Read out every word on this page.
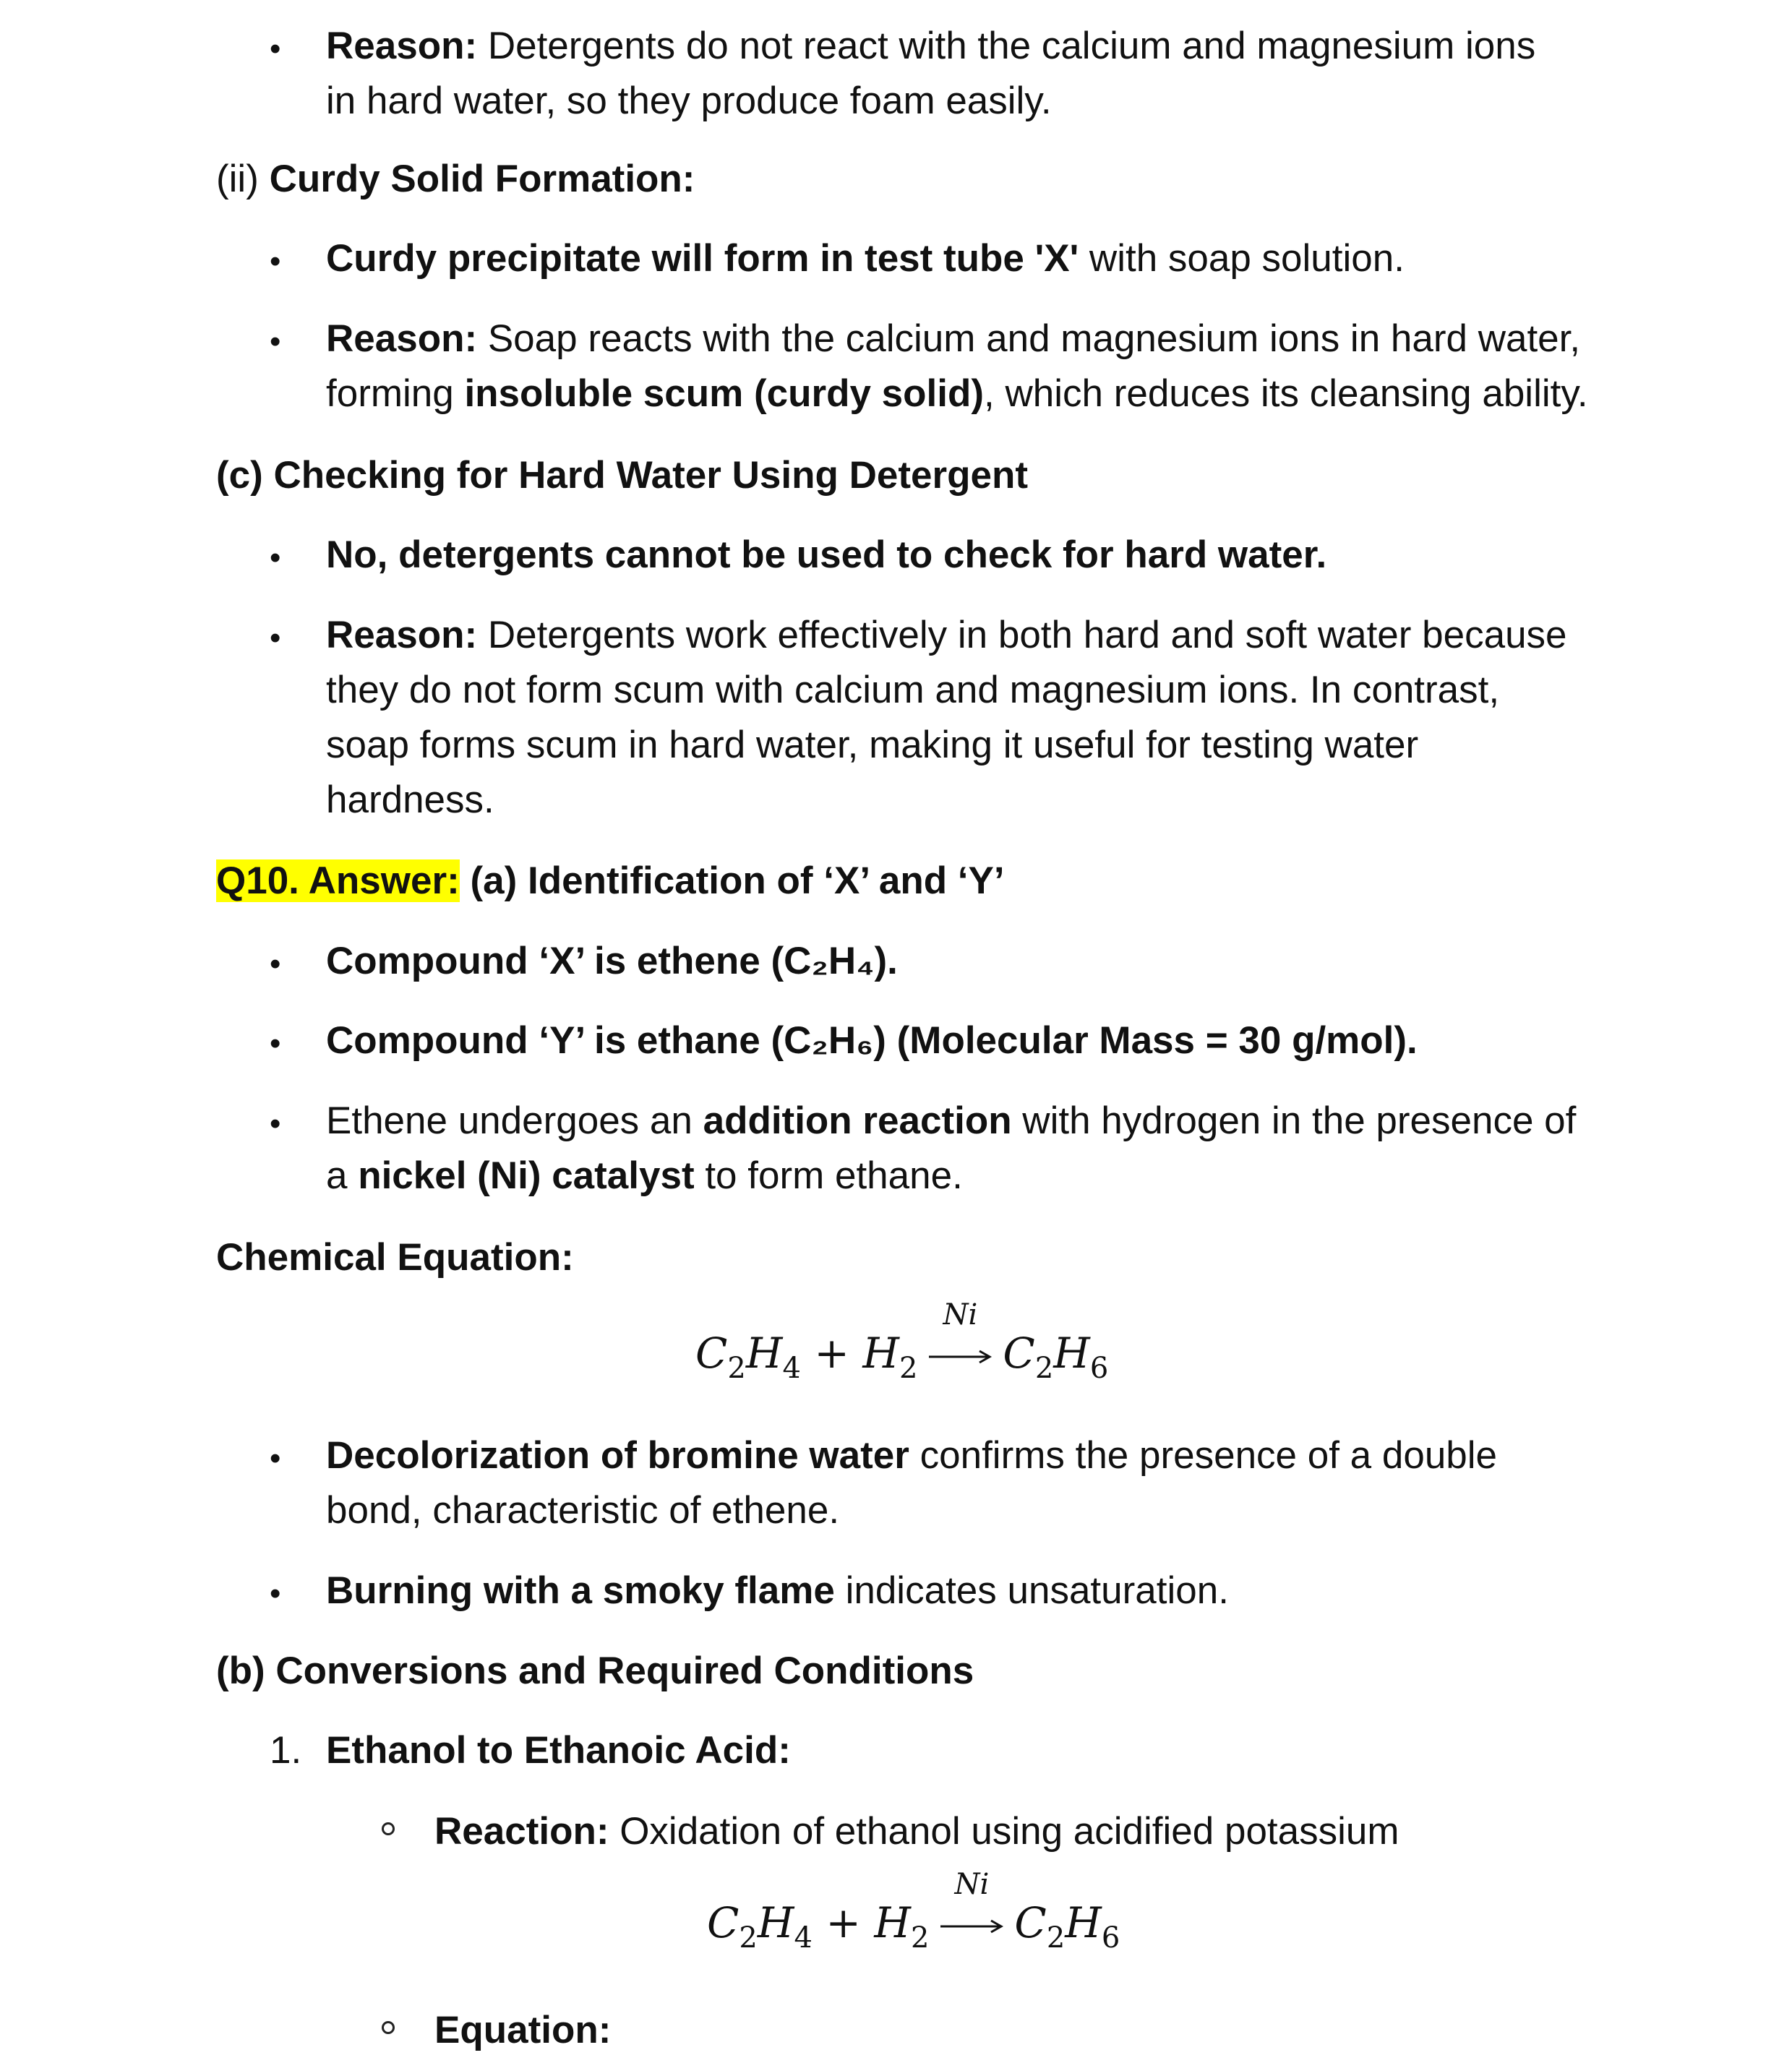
• Reason: Detergents do not react with the calcium and magnesium ions
in hard water, so they produce foam easily.
(ii) Curdy Solid Formation:
• Curdy precipitate will form in test tube 'X' with soap solution.
• Reason: Soap reacts with the calcium and magnesium ions in hard water,
forming insoluble scum (curdy solid), which reduces its cleansing ability.
(c) Checking for Hard Water Using Detergent
• No, detergents cannot be used to check for hard water.
• Reason: Detergents work effectively in both hard and soft water because
they do not form scum with calcium and magnesium ions. In contrast,
soap forms scum in hard water, making it useful for testing water
hardness.
Q10. Answer: (a) Identification of ‘X’ and ‘Y’
• Compound ‘X’ is ethene (C₂H₄).
• Compound ‘Y’ is ethane (C₂H₆) (Molecular Mass = 30 g/mol).
• Ethene undergoes an addition reaction with hydrogen in the presence of
a nickel (Ni) catalyst to form ethane.
Chemical Equation:
$C_2H_4 + H_2$
Ni
$C_2H_6$
• Decolorization of bromine water confirms the presence of a double
bond, characteristic of ethene.
• Burning with a smoky flame indicates unsaturation.
(b) Conversions and Required Conditions
1. Ethanol to Ethanoic Acid:
Reaction: Oxidation of ethanol using acidified potassium
$C_2H_4 + H_2$
Ni
$C_2H_6$
Equation:
